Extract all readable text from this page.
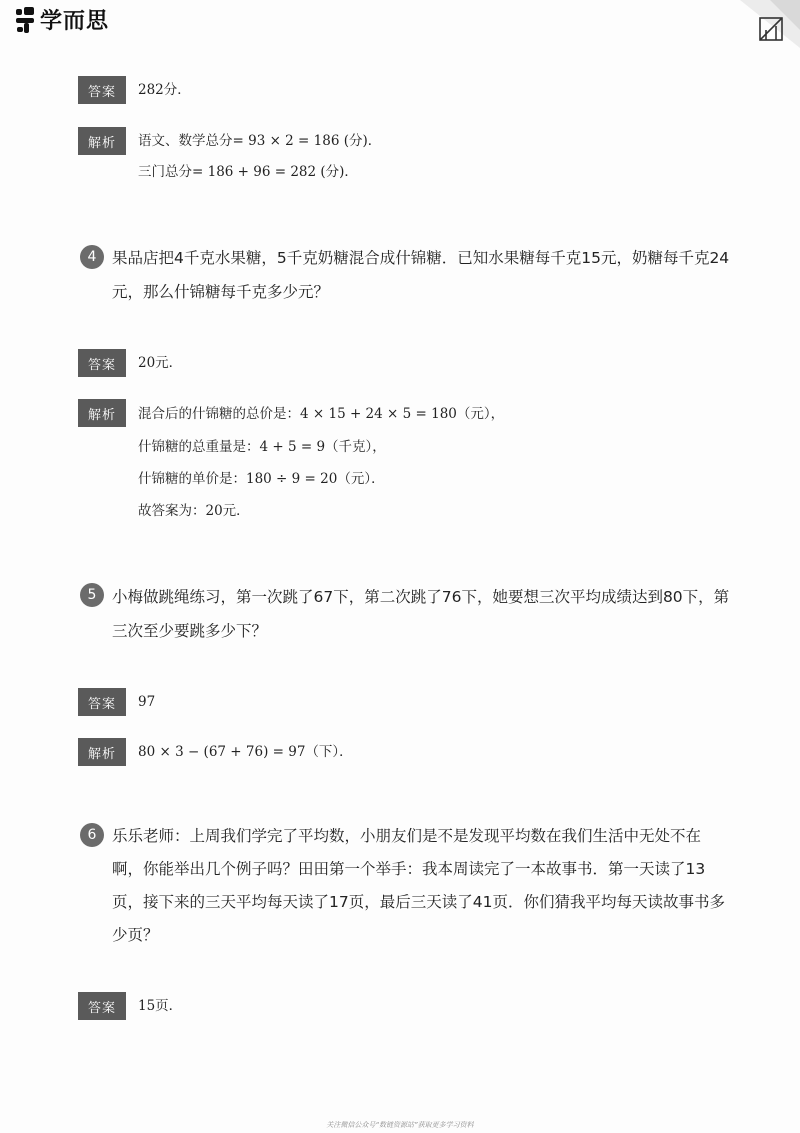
学而思
答案	282分．
解析	语文、数学总分= 93 × 2 = 186 (分)．
三门总分= 186 + 96 = 282 (分)．
4	果品店把4千克水果糖，5千克奶糖混合成什锦糖．已知水果糖每千克15元，奶糖每千克24
元，那么什锦糖每千克多少元？
答案	20元．
解析	混合后的什锦糖的总价是：4 × 15 + 24 × 5 = 180（元），
什锦糖的总重量是：4 + 5 = 9（千克），
什锦糖的单价是：180 ÷ 9 = 20（元）．
故答案为：20元．
5	小梅做跳绳练习，第一次跳了67下，第二次跳了76下，她要想三次平均成绩达到80下，第
三次至少要跳多少下？
答案	97
解析	80 × 3 − (67 + 76) = 97（下）．
6	乐乐老师：上周我们学完了平均数，小朋友们是不是发现平均数在我们生活中无处不在
啊，你能举出几个例子吗？田田第一个举手：我本周读完了一本故事书．第一天读了13
页，接下来的三天平均每天读了17页，最后三天读了41页．你们猜我平均每天读故事书多
少页？
答案	15页．
关注微信公众号“数链资源站”获取更多学习资料
